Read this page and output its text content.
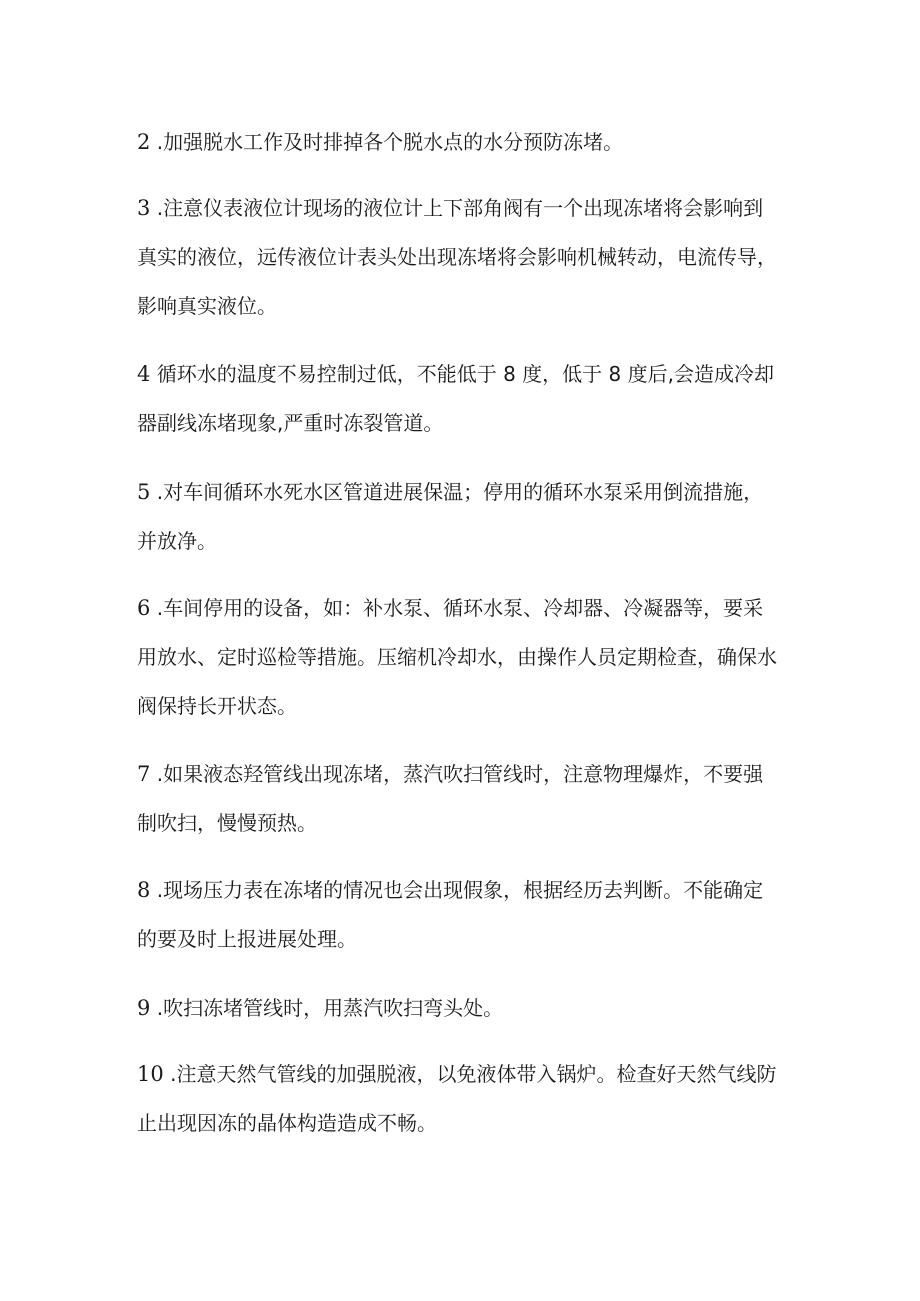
2 .加强脱水工作及时排掉各个脱水点的水分预防冻堵。

3 .注意仪表液位计现场的液位计上下部角阀有一个出现冻堵将会影响到
真实的液位，远传液位计表头处出现冻堵将会影响机械转动，电流传导，
影响真实液位。

4 循环水的温度不易控制过低，不能低于 8 度，低于 8 度后,会造成冷却
器副线冻堵现象,严重时冻裂管道。

5 .对车间循环水死水区管道进展保温；停用的循环水泵采用倒流措施，
并放净。

6 .车间停用的设备，如：补水泵、循环水泵、冷却器、冷凝器等，要采
用放水、定时巡检等措施。压缩机冷却水，由操作人员定期检查，确保水
阀保持长开状态。

7 .如果液态羟管线出现冻堵，蒸汽吹扫管线时，注意物理爆炸，不要强
制吹扫，慢慢预热。

8 .现场压力表在冻堵的情况也会出现假象，根据经历去判断。不能确定
的要及时上报进展处理。

9 .吹扫冻堵管线时，用蒸汽吹扫弯头处。

10 .注意天然气管线的加强脱液，以免液体带入锅炉。检查好天然气线防
止出现因冻的晶体构造造成不畅。
